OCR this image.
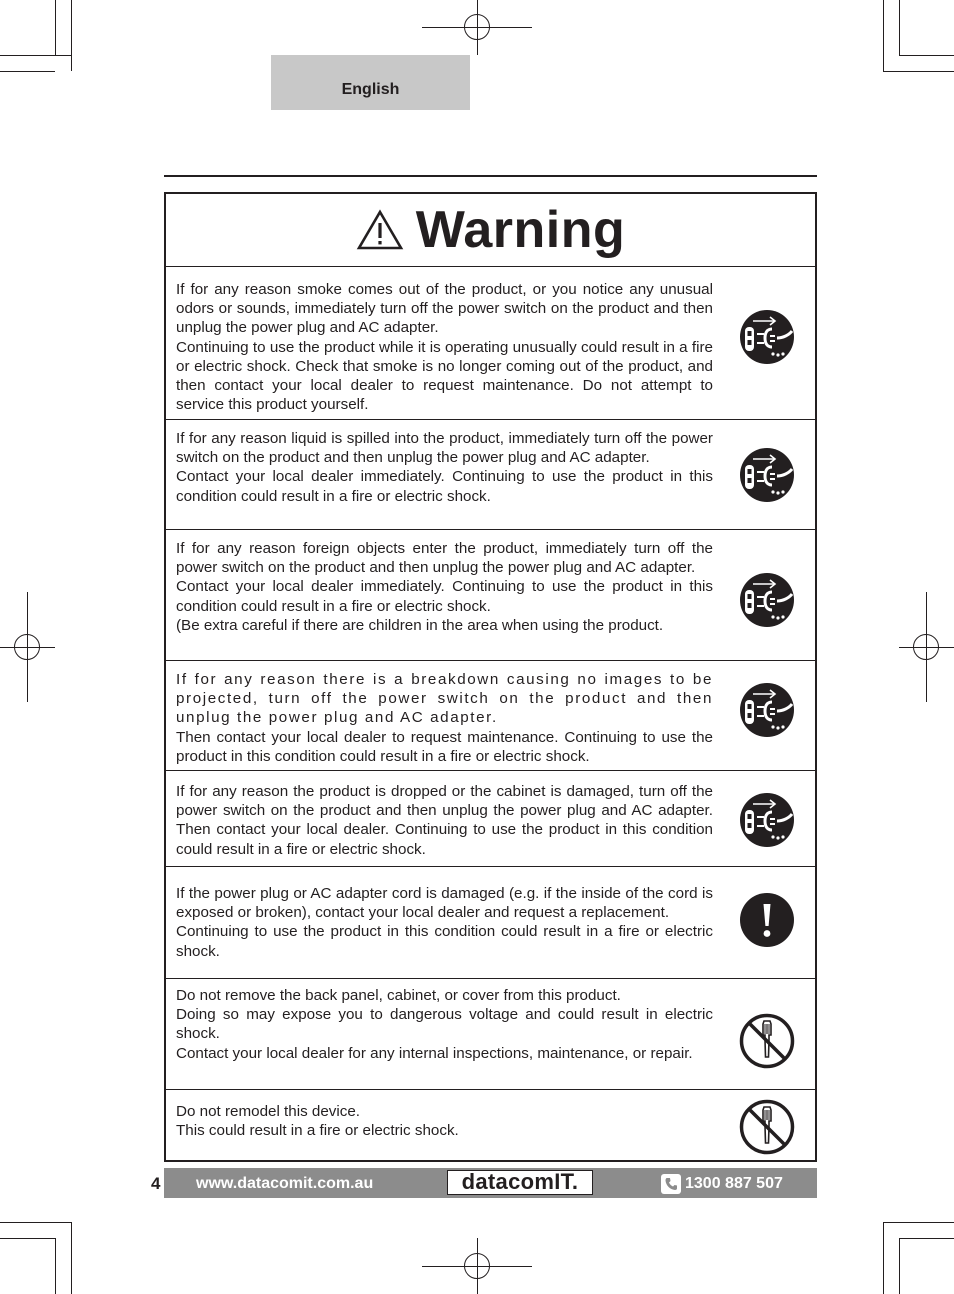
English
Warning

If for any reason smoke comes out of the product, or you notice any unusual odors or sounds, immediately turn off the power switch on the product and then unplug the power plug and AC adapter.

Continuing to use the product while it is operating unusually could result in a fire or electric shock. Check that smoke is no longer coming out of the product, and then contact your local dealer to request maintenance. Do not attempt to service this product yourself.

If for any reason liquid is spilled into the product, immediately turn off the power switch on the product and then unplug the power plug and AC adapter.

Contact your local dealer immediately. Continuing to use the product in this condition could result in a fire or electric shock.

If for any reason foreign objects enter the product, immediately turn off the power switch on the product and then unplug the power plug and AC adapter.

Contact your local dealer immediately. Continuing to use the product in this condition could result in a fire or electric shock.

(Be extra careful if there are children in the area when using the product.

If for any reason there is a breakdown causing no images to be projected, turn off the power switch on the product and then unplug the power plug and AC adapter.

Then contact your local dealer to request maintenance. Continuing to use the product in this condition could result in a fire or electric shock.

If for any reason the product is dropped or the cabinet is damaged, turn off the power switch on the product and then unplug the power plug and AC adapter. Then contact your local dealer. Continuing to use the product in this condition could result in a fire or electric shock.

If the power plug or AC adapter cord is damaged (e.g. if the inside of the cord is exposed or broken), contact your local dealer and request a replacement.

Continuing to use the product in this condition could result in a fire or electric shock.

Do not remove the back panel, cabinet, or cover from this product.

Doing so may expose you to dangerous voltage and could result in electric shock.

Contact your local dealer for any internal inspections, maintenance, or repair.

Do not remodel this device.

This could result in a fire or electric shock.

4 www.datacomit.com.au	datacomIT.	1300 887 507
